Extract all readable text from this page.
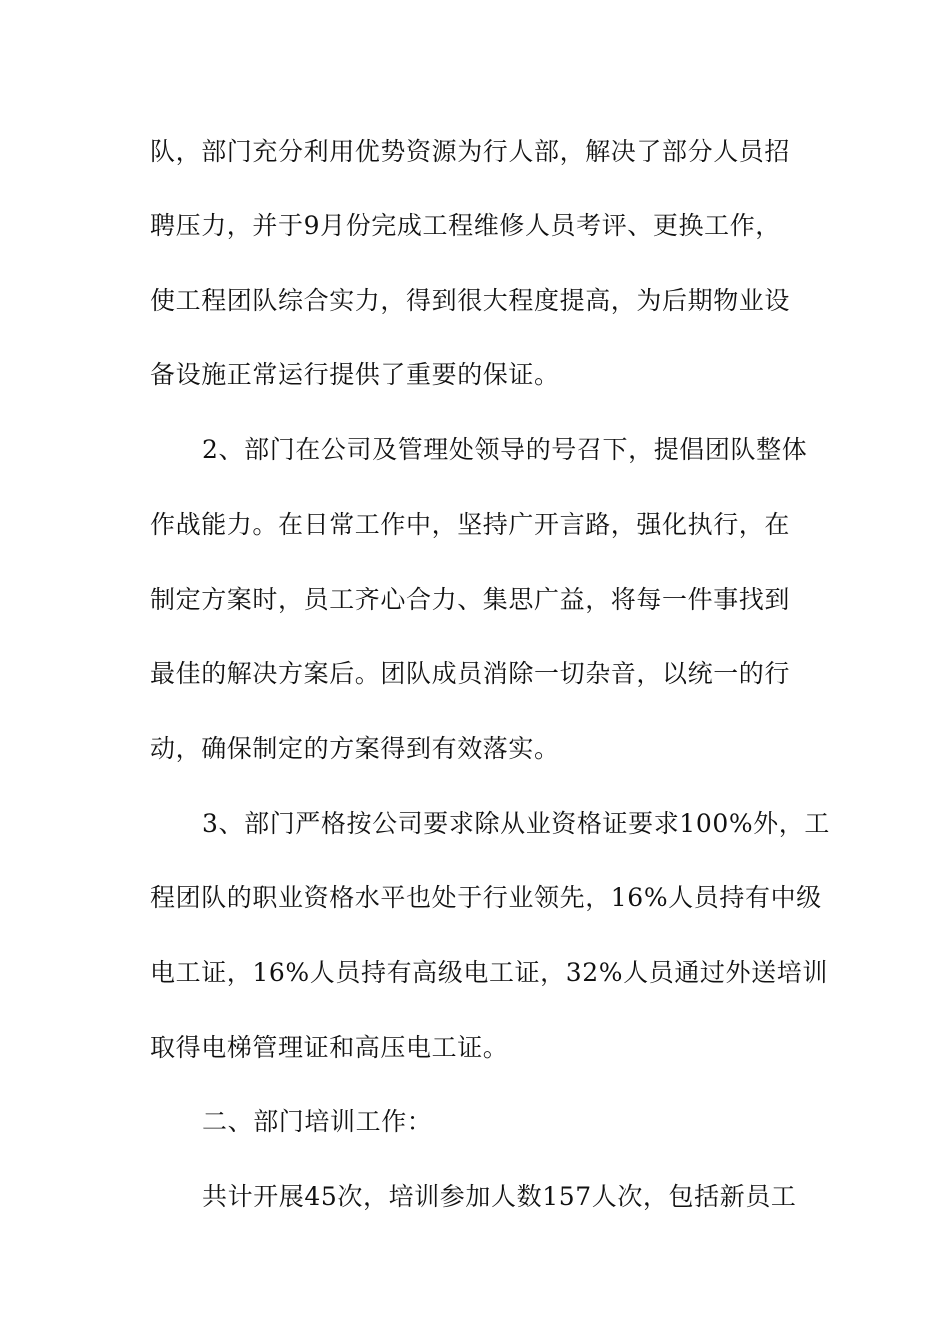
队，部门充分利用优势资源为行人部，解决了部分人员招
聘压力，并于9月份完成工程维修人员考评、更换工作，
使工程团队综合实力，得到很大程度提高，为后期物业设
备设施正常运行提供了重要的保证。
2、部门在公司及管理处领导的号召下，提倡团队整体
作战能力。在日常工作中，坚持广开言路，强化执行，在
制定方案时，员工齐心合力、集思广益，将每一件事找到
最佳的解决方案后。团队成员消除一切杂音，以统一的行
动，确保制定的方案得到有效落实。
3、部门严格按公司要求除从业资格证要求100%外，工
程团队的职业资格水平也处于行业领先，16%人员持有中级
电工证，16%人员持有高级电工证，32%人员通过外送培训
取得电梯管理证和高压电工证。
二、部门培训工作：
共计开展45次，培训参加人数157人次，包括新员工
